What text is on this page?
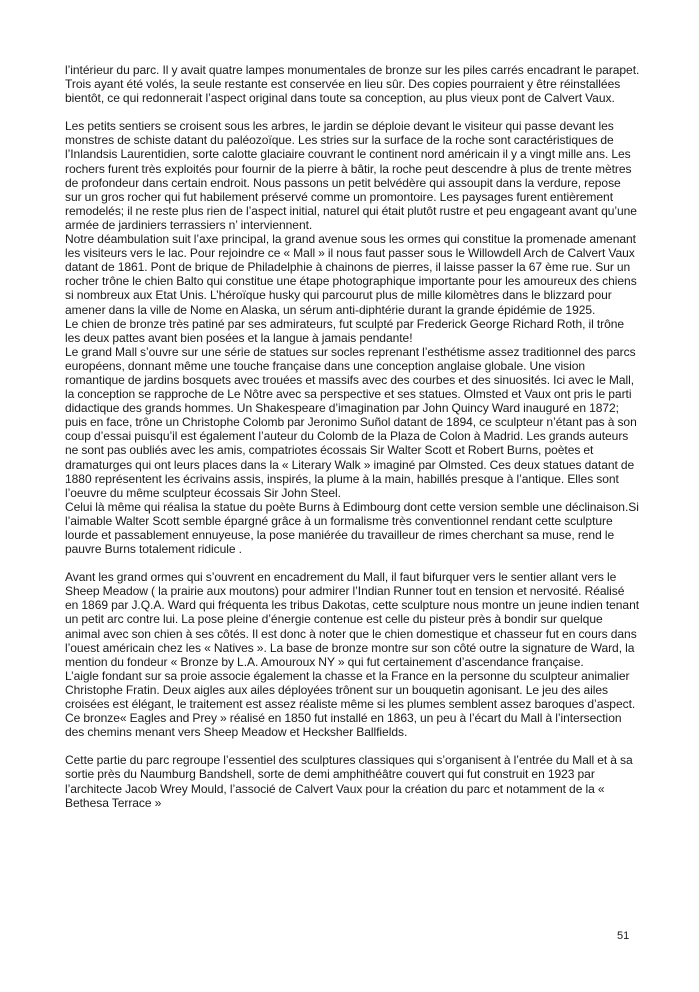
l’intérieur du parc. Il y avait quatre lampes monumentales de bronze sur les piles carrés encadrant le parapet. Trois ayant été volés, la seule restante est conservée en lieu sûr. Des copies pourraient y être réinstallées bientôt, ce qui redonnerait l’aspect original dans toute sa conception, au plus vieux pont de Calvert Vaux.

Les petits sentiers se croisent sous les arbres, le jardin se déploie devant le visiteur qui passe devant les monstres de schiste datant du paléozoïque. Les stries sur la surface de la roche sont caractéristiques de l’Inlandsis Laurentidien, sorte calotte glaciaire couvrant le continent nord américain il y a vingt mille ans. Les rochers furent très exploités pour fournir de la pierre à bâtir, la roche peut descendre à plus de trente mètres de profondeur dans certain endroit. Nous passons un petit belvédère qui assoupit dans la verdure, repose sur un gros rocher qui fut habilement préservé comme un promontoire. Les paysages furent entièrement remodelés; il ne reste plus rien de l’aspect initial, naturel qui était plutôt rustre et peu engageant avant qu’une armée de jardiniers terrassiers n’ interviennent.

Notre déambulation suit l’axe principal, la grand avenue sous les ormes qui constitue la promenade amenant les visiteurs vers le lac. Pour rejoindre ce « Mall » il nous faut passer sous le Willowdell Arch de Calvert Vaux datant de 1861. Pont de brique de Philadelphie à chainons de pierres, il laisse passer la 67 ème rue. Sur un rocher trône le chien Balto qui constitue une étape photographique importante pour les amoureux des chiens si nombreux aux Etat Unis. L’héroïque husky qui parcourut plus de mille kilomètres dans le blizzard pour amener dans la ville de Nome en Alaska, un sérum anti-diphtérie durant la grande épidémie de 1925.

Le chien de bronze très patiné par ses admirateurs, fut sculpté par Frederick George Richard Roth, il trône les deux pattes avant bien posées et la langue à jamais pendante!

Le grand Mall s’ouvre sur une série de statues sur socles reprenant l’esthétisme assez traditionnel des parcs européens, donnant même une touche française dans une conception anglaise globale. Une vision romantique de jardins bosquets avec trouées et massifs avec des courbes et des sinuosités. Ici avec le Mall, la conception se rapproche de Le Nôtre avec sa perspective et ses statues. Olmsted et Vaux ont pris le parti didactique des grands hommes. Un Shakespeare d’imagination par John Quincy Ward inauguré en 1872; puis en face, trône un Christophe Colomb par Jeronimo Suñol datant de 1894, ce sculpteur n’étant pas à son coup d’essai puisqu’il est également l’auteur du Colomb de la Plaza de Colon à Madrid. Les grands auteurs ne sont pas oubliés avec les amis, compatriotes écossais Sir Walter Scott et Robert Burns, poètes et dramaturges qui ont leurs places dans la « Literary Walk » imaginé par Olmsted. Ces deux statues datant de 1880 représentent les écrivains assis, inspirés, la plume à la main, habillés presque à l’antique. Elles sont l’oeuvre du même sculpteur écossais Sir John Steel.

Celui là même qui réalisa la statue du poète Burns à Edimbourg dont cette version semble une déclinaison.Si l’aimable Walter Scott semble épargné grâce à un formalisme très conventionnel rendant cette sculpture lourde et passablement ennuyeuse, la pose maniérée du travailleur de rimes cherchant sa muse, rend le pauvre Burns totalement ridicule .

Avant les grand ormes qui s’ouvrent en encadrement du Mall, il faut bifurquer vers le sentier allant vers le Sheep Meadow ( la prairie aux moutons) pour admirer l’Indian Runner tout en tension et nervosité. Réalisé en 1869 par J.Q.A. Ward qui fréquenta les tribus Dakotas, cette sculpture nous montre un jeune indien tenant un petit arc contre lui. La pose pleine d’énergie contenue est celle du pisteur près à bondir sur quelque animal avec son chien à ses côtés. Il est donc à noter que le chien domestique et chasseur fut en cours dans l’ouest américain chez les « Natives ». La base de bronze montre sur son côté outre la signature de Ward, la mention du fondeur « Bronze by L.A. Amouroux NY » qui fut certainement d’ascendance française.

L’aigle fondant sur sa proie associe également la chasse et la France en la personne du sculpteur animalier Christophe Fratin. Deux aigles aux ailes déployées trônent sur un bouquetin agonisant. Le jeu des ailes croisées est élégant, le traitement est assez réaliste même si les plumes semblent assez baroques d’aspect. Ce bronze« Eagles and Prey » réalisé en 1850 fut installé en 1863, un peu à l’écart du Mall à l’intersection des chemins menant vers Sheep Meadow et Hecksher Ballfields.

Cette partie du parc regroupe l’essentiel des sculptures classiques qui s’organisent à l’entrée du Mall et à sa sortie près du Naumburg Bandshell, sorte de demi amphithéâtre couvert qui fut construit en 1923 par l’architecte Jacob Wrey Mould, l’associé de Calvert Vaux pour la création du parc et notamment de la « Bethesa Terrace »

51
